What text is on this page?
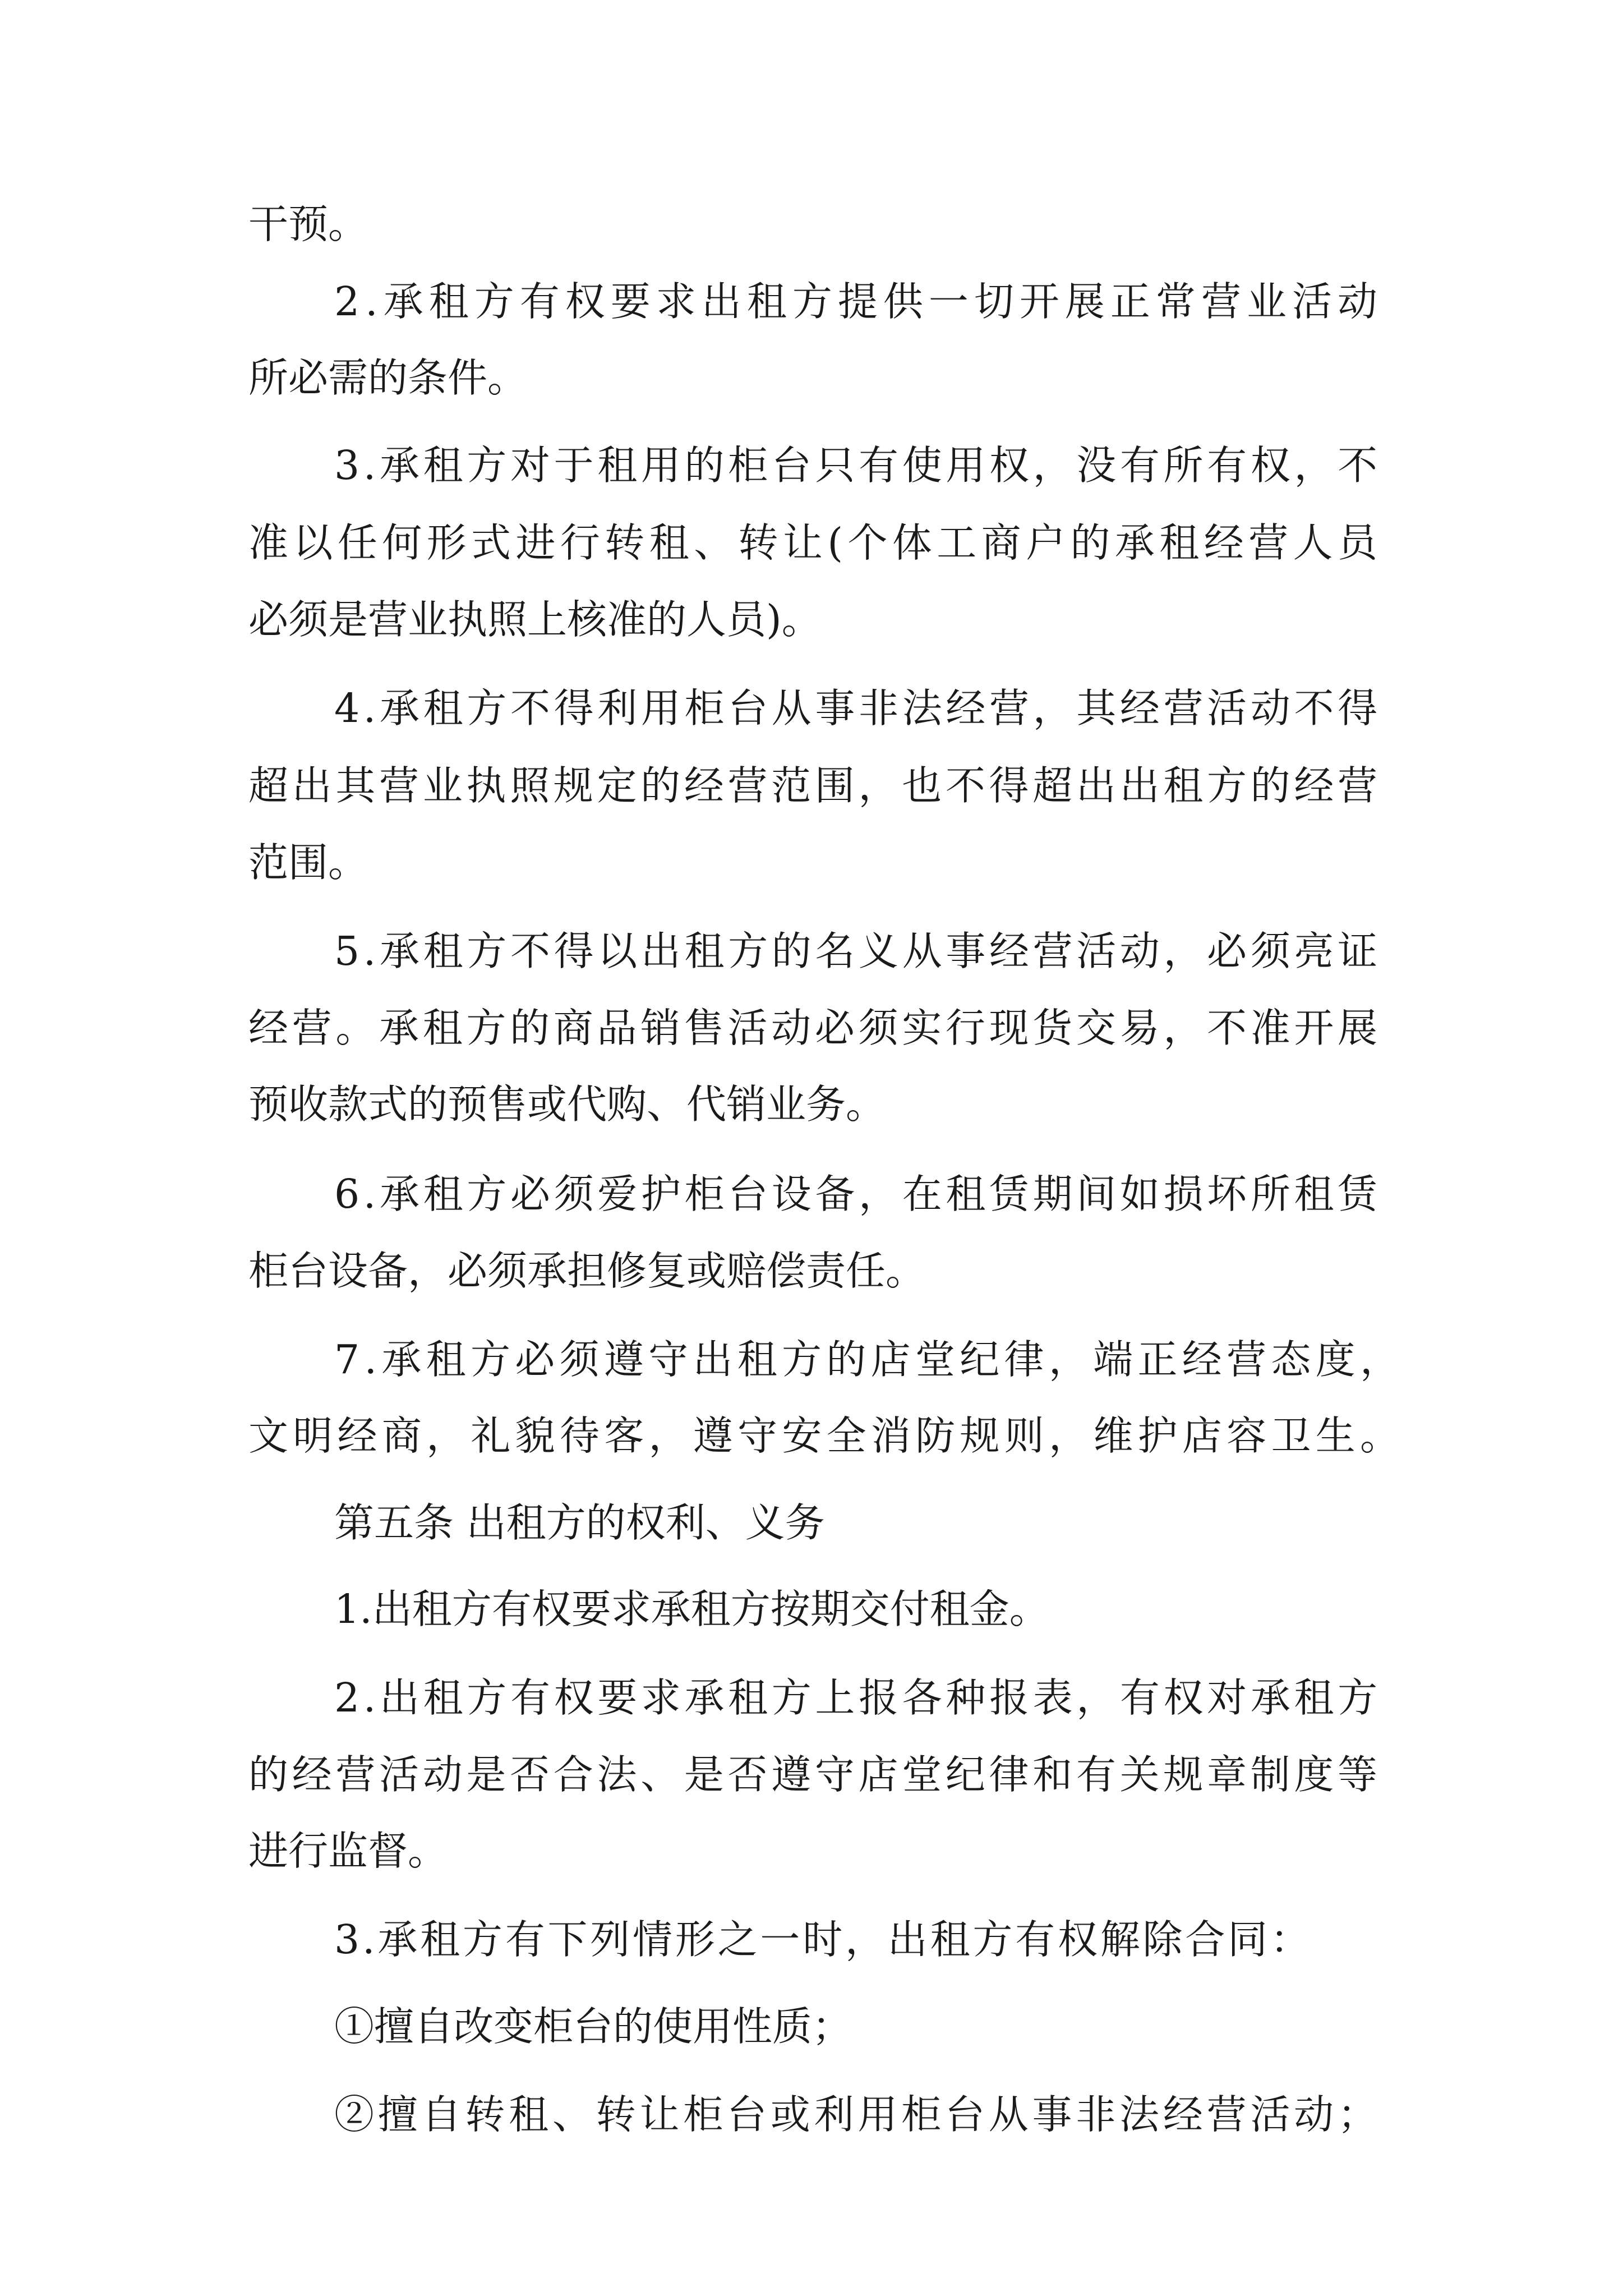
干预。

2.承租方有权要求出租方提供一切开展正常营业活动

所必需的条件。

3.承租方对于租用的柜台只有使用权，没有所有权，不

准以任何形式进行转租、转让(个体工商户的承租经营人员

必须是营业执照上核准的人员)。

4.承租方不得利用柜台从事非法经营，其经营活动不得

超出其营业执照规定的经营范围，也不得超出出租方的经营

范围。

5.承租方不得以出租方的名义从事经营活动，必须亮证

经营。承租方的商品销售活动必须实行现货交易，不准开展

预收款式的预售或代购、代销业务。

6.承租方必须爱护柜台设备，在租赁期间如损坏所租赁

柜台设备，必须承担修复或赔偿责任。

7.承租方必须遵守出租方的店堂纪律，端正经营态度，

文明经商，礼貌待客，遵守安全消防规则，维护店容卫生。

第五条 出租方的权利、义务

1.出租方有权要求承租方按期交付租金。

2.出租方有权要求承租方上报各种报表，有权对承租方

的经营活动是否合法、是否遵守店堂纪律和有关规章制度等

进行监督。

3.承租方有下列情形之一时，出租方有权解除合同：

①擅自改变柜台的使用性质；

②擅自转租、转让柜台或利用柜台从事非法经营活动；
